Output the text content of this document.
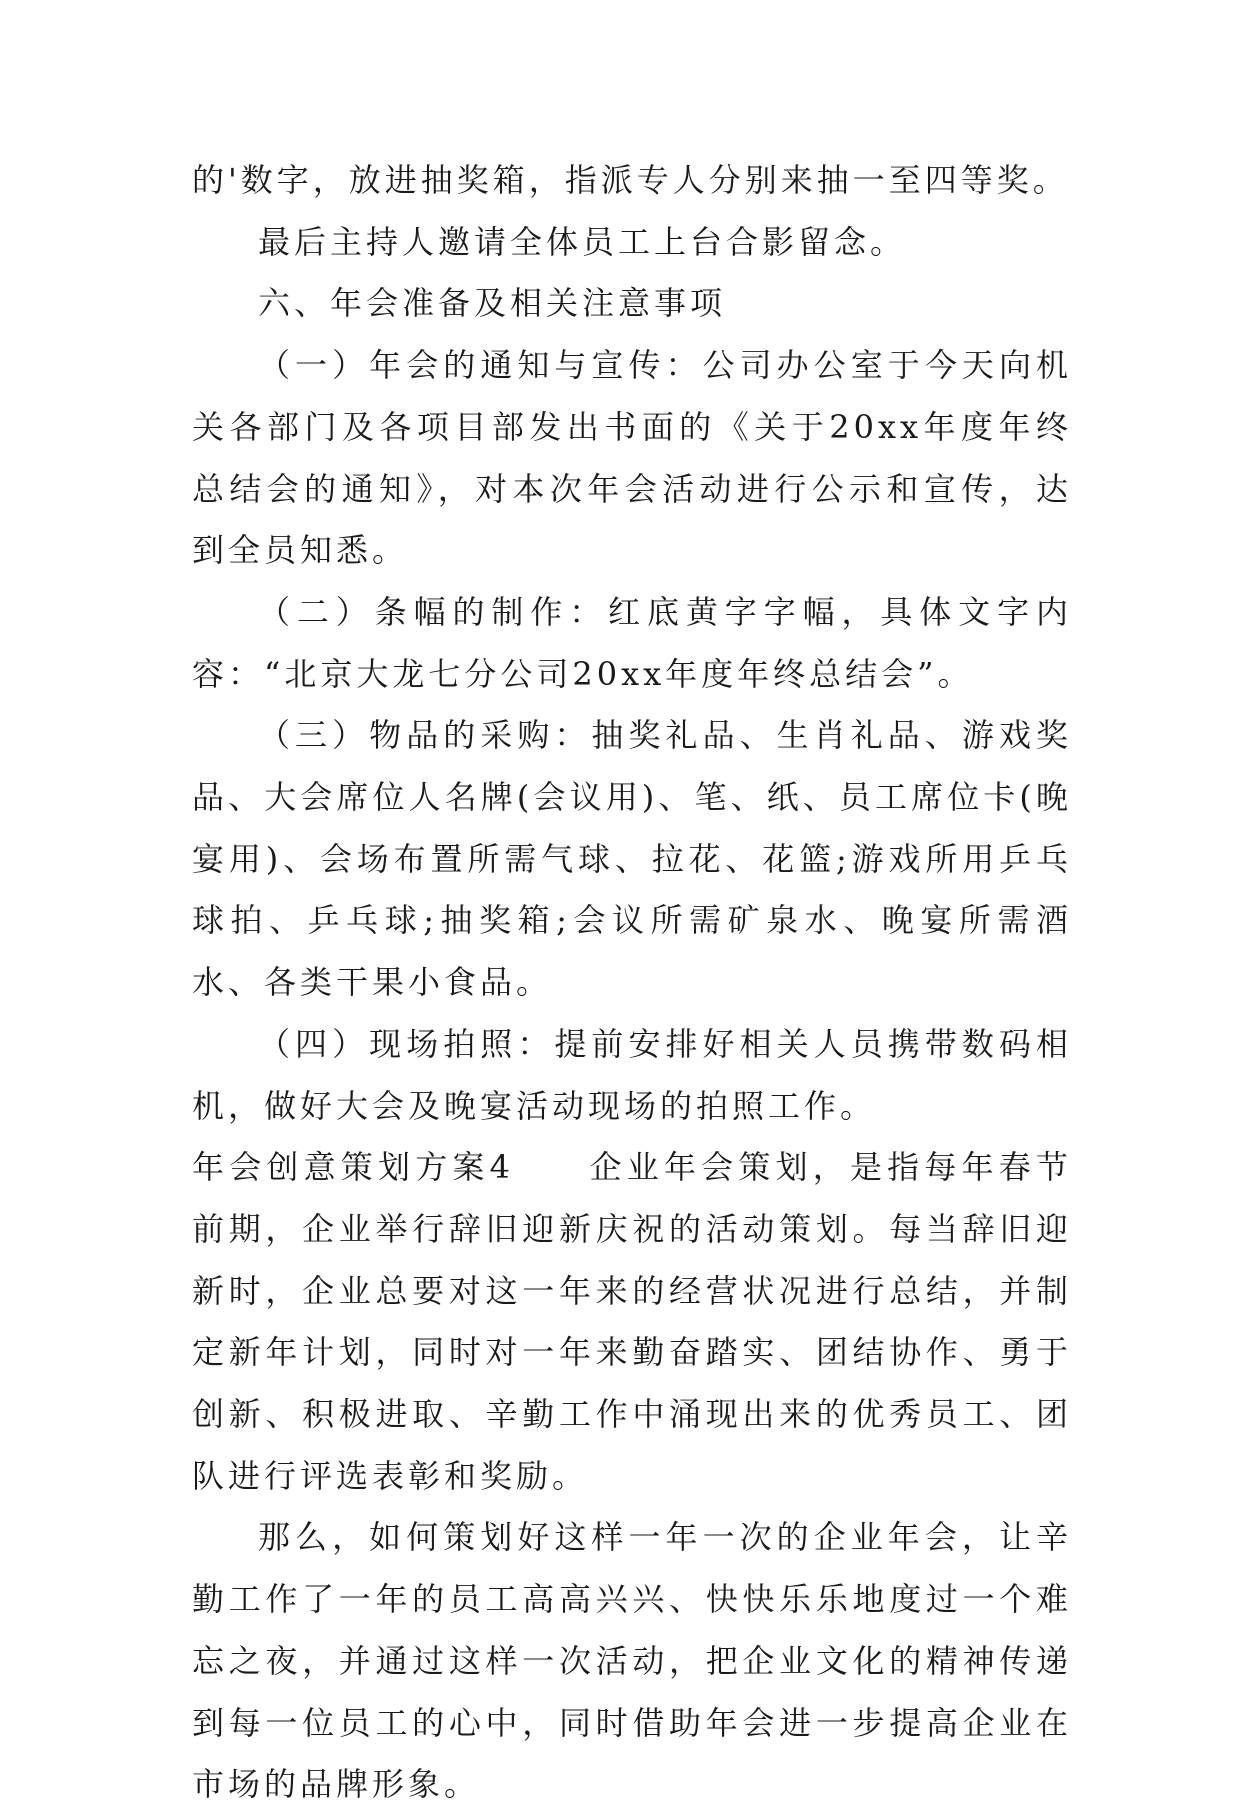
的'数字，放进抽奖箱，指派专人分别来抽一至四等奖。

最后主持人邀请全体员工上台合影留念。

六、年会准备及相关注意事项

（一）年会的通知与宣传：公司办公室于今天向机关各部门及各项目部发出书面的《关于20xx年度年终总结会的通知》，对本次年会活动进行公示和宣传，达到全员知悉。

（二）条幅的制作：红底黄字字幅，具体文字内容：“北京大龙七分公司20xx年度年终总结会”。

（三）物品的采购：抽奖礼品、生肖礼品、游戏奖品、大会席位人名牌(会议用)、笔、纸、员工席位卡(晚宴用)、会场布置所需气球、拉花、花篮;游戏所用乒乓球拍、乒乓球;抽奖箱;会议所需矿泉水、晚宴所需酒水、各类干果小食品。

（四）现场拍照：提前安排好相关人员携带数码相机，做好大会及晚宴活动现场的拍照工作。

年会创意策划方案4　　企业年会策划，是指每年春节前期，企业举行辞旧迎新庆祝的活动策划。每当辞旧迎新时，企业总要对这一年来的经营状况进行总结，并制定新年计划，同时对一年来勤奋踏实、团结协作、勇于创新、积极进取、辛勤工作中涌现出来的优秀员工、团队进行评选表彰和奖励。

那么，如何策划好这样一年一次的企业年会，让辛勤工作了一年的员工高高兴兴、快快乐乐地度过一个难忘之夜，并通过这样一次活动，把企业文化的精神传递到每一位员工的心中，同时借助年会进一步提高企业在市场的品牌形象。
